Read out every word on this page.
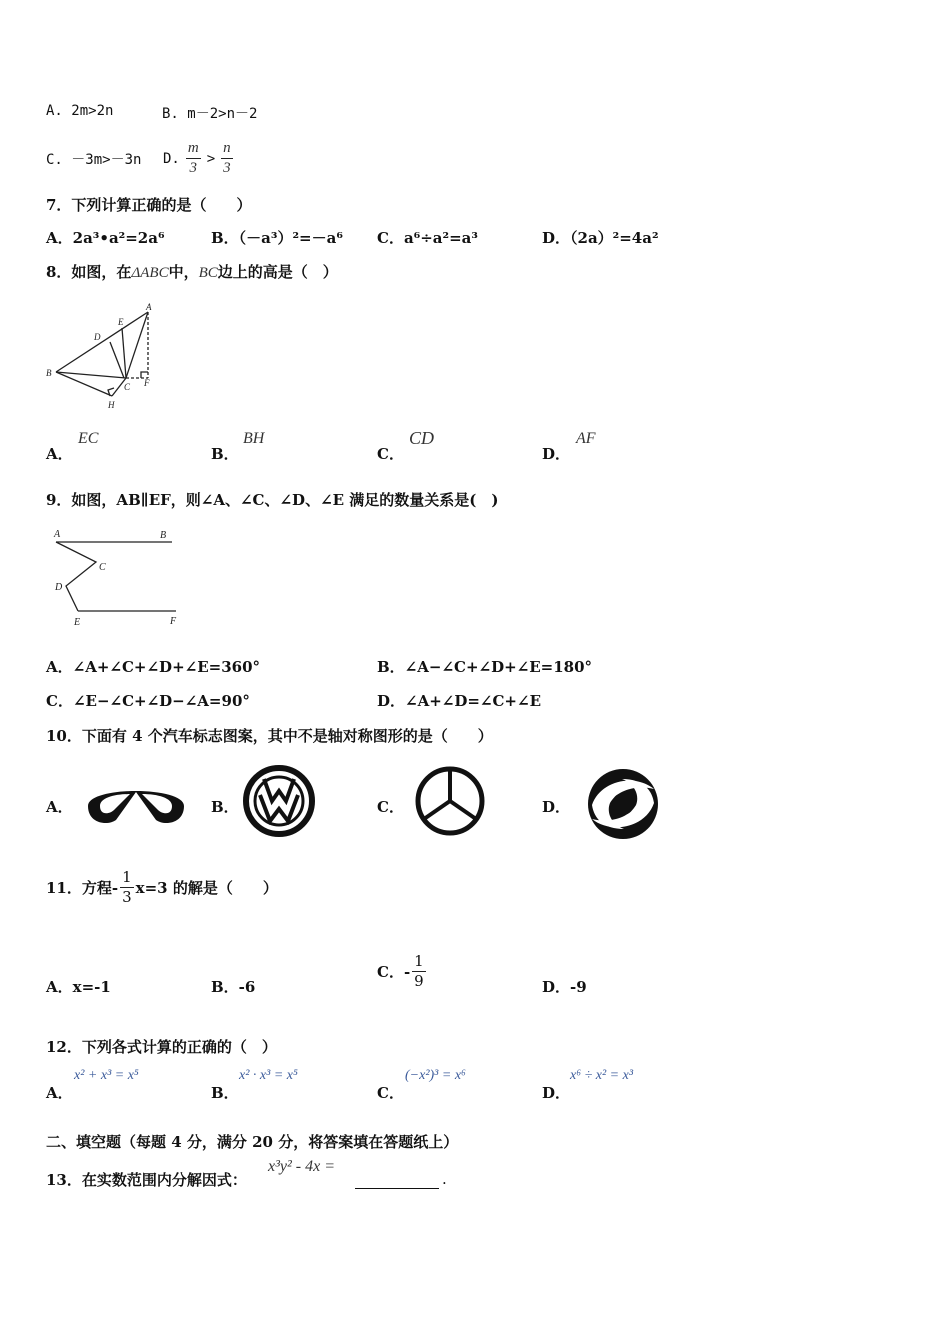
A. 2m>2n	B. m－2>n－2
C. －3m>－3n D. $\frac{m}{3} > \frac{n}{3}$
7．下列计算正确的是（　　）
A．2a³•a²=2a⁶	B．（－a³）²=－a⁶ C．a⁶÷a²=a³	D．（2a）²=4a²
8．如图，在ΔABC中，BC边上的高是（　）
A
D
E
B
C F
H
A．
EC
B．
BH
C．
CD
D．
AF
9．如图，AB∥EF，则∠A、∠C、∠D、∠E 满足的数量关系是(　)
A	B
C
D
E	F
A．∠A+∠C+∠D+∠E=360°	B．∠A−∠C+∠D+∠E=180°
C．∠E−∠C+∠D−∠A=90°	D．∠A+∠D=∠C+∠E
10．下面有 4 个汽车标志图案，其中不是轴对称图形的是（　　）
A．	B．	C．	D．
11．方程- $\frac{1}{3} x=3$ 的解是（　　）
A．x=-1	B．-6
C．- $\frac{1}{9}$	D．-9
12．下列各式计算的正确的（　）
A．
x² + x³ = x⁵
B．
x² · x³ = x⁵
C．
(−x²)³ = x⁶
D．
x⁶ ÷ x² = x³
二、填空题（每题 4 分，满分 20 分，将答案填在答题纸上）
13．在实数范围内分解因式：
x³y² - 4x =
.
